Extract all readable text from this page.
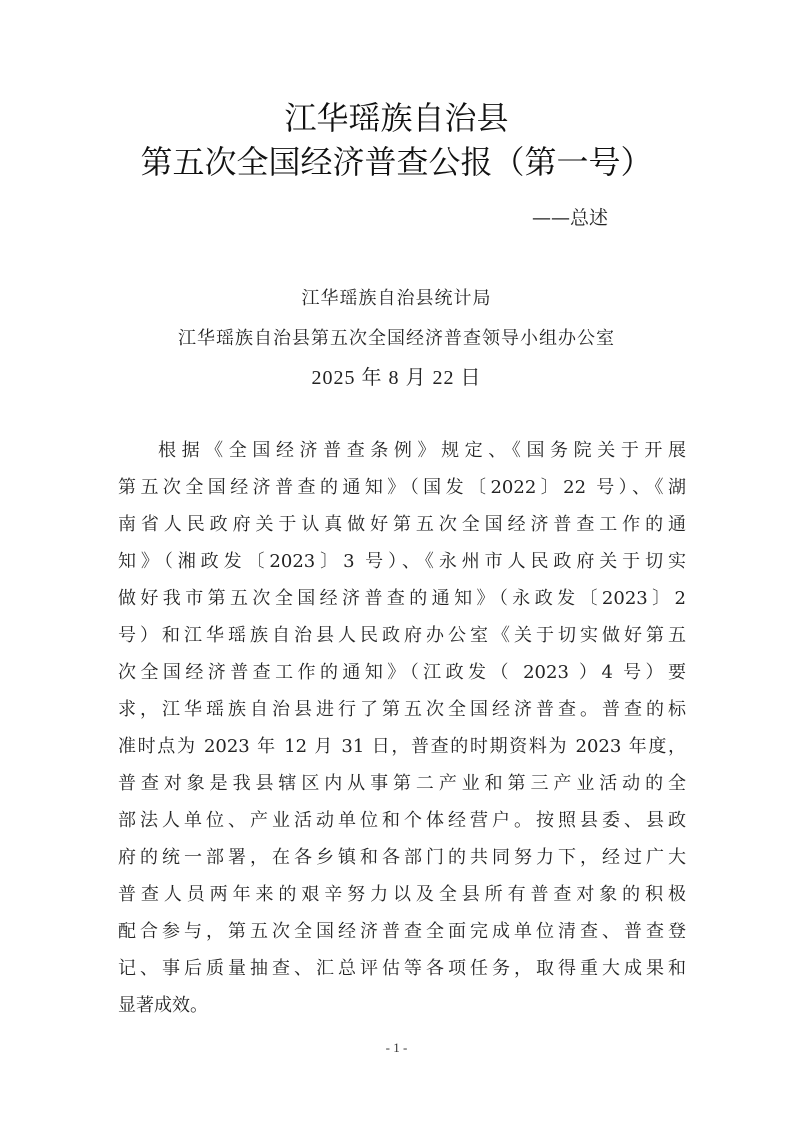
江华瑶族自治县
第五次全国经济普查公报（第一号）
——总述
江华瑶族自治县统计局
江华瑶族自治县第五次全国经济普查领导小组办公室
2025 年 8 月 22 日
根据《全国经济普查条例》规定、《国务院关于开展
第五次全国经济普查的通知》（国发〔2022〕22 号）、《湖
南省人民政府关于认真做好第五次全国经济普查工作的通
知》（湘政发〔2023〕3 号）、《永州市人民政府关于切实
做好我市第五次全国经济普查的通知》（永政发〔2023〕2
号）和江华瑶族自治县人民政府办公室《关于切实做好第五
次全国经济普查工作的通知》（江政发（ 2023 ）4 号）要
求，江华瑶族自治县进行了第五次全国经济普查。普查的标
准时点为 2023 年 12 月 31 日，普查的时期资料为 2023 年度，
普查对象是我县辖区内从事第二产业和第三产业活动的全
部法人单位、产业活动单位和个体经营户。按照县委、县政
府的统一部署，在各乡镇和各部门的共同努力下，经过广大
普查人员两年来的艰辛努力以及全县所有普查对象的积极
配合参与，第五次全国经济普查全面完成单位清查、普查登
记、事后质量抽查、汇总评估等各项任务，取得重大成果和
显著成效。
- 1 -
